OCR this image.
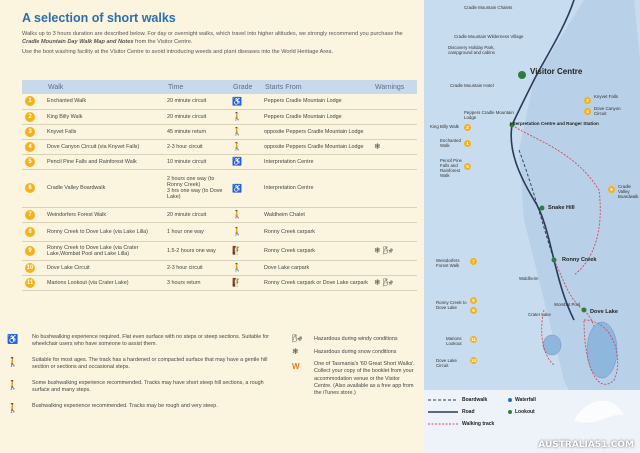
A selection of short walks

Walks up to 3 hours duration are described below. For day or overnight walks, which travel into higher altitudes, we strongly recommend you purchase the Cradle Mountain Day Walk Map and Notes from the Visitor Centre.

Use the boot washing facility at the Visitor Centre to avoid introducing weeds and plant diseases into the World Heritage Area.

	Walk	Time	Grade	Starts From	Warnings
1	Enchanted Walk	20 minute circuit	♿	Peppers Cradle Mountain Lodge	
2	King Billy Walk	20 minute circuit	🚶	Peppers Cradle Mountain Lodge	
3	Knyvet Falls	45 minute return	🚶	opposite Peppers Cradle Mountain Lodge	
4	Dove Canyon Circuit (via Knyvet Falls)	2-3 hour circuit	🚶	opposite Peppers Cradle Mountain Lodge	❄
5	Pencil Pine Falls and Rainforest Walk	10 minute circuit	♿	Interpretation Centre	
6	Cradle Valley Boardwalk	2 hours one way (to Ronny Creek)
3 hrs one way (to Dove Lake)	♿	Interpretation Centre	
7	Weindorfers Forest Walk	20 minute circuit	🚶	Waldheim Chalet	
8	Ronny Creek to Dove Lake (via Lake Lilla)	1 hour one way	🚶	Ronny Creek carpark	
9	Ronny Creek to Dove Lake (via Crater Lake,Wombat Pool and Lake Lilla)	1.5-2 hours one way	🧗	Ronny Creek carpark	❄ 🌬
10	Dove Lake Circuit	2-3 hour circuit	🚶	Dove Lake carpark	
11	Marions Lookout (via Crater Lake)	3 hours return	🧗	Ronny Creek carpark or Dove Lake carpark	❄ 🌬
♿	No bushwalking experience required. Flat even surface with no steps or steep sections. Suitable for wheelchair users who have someone to assist them.
🚶	Suitable for most ages. The track has a hardened or compacted surface that may have a gentle hill section or sections and occasional steps.
🚶	Some bushwalking experience recommended. Tracks may have short steep hill sections, a rough surface and many steps.
🚶	Bushwalking experience recommended. Tracks may be rough and very steep.
🌬 Hazardous during windy conditions
❄	Hazardous during snow conditions
W	One of Tasmania's '60 Great Short Walks'. Collect your copy of the booklet from your accommodation venue or the Visitor Centre. (Also available as a free app from the iTunes store.)
Cradle Mountain Chalets
Discovery Holiday Park, campground and cabins
Cradle Mountain Wilderness Village
Cradle Mountain Hotel
Visitor Centre
Peppers Cradle Mountain Lodge
Interpretation Centre and Ranger Station
Snake Hill
Ronny Creek
Waldheim
Dove Lake
King Billy Walk	2
Enchanted Walk	1
Pencil Pine Falls and Rainforest Walk
5
3
Knyvet Falls
4
Dove Canyon Circuit
6
Cradle Valley Boardwalk
Weindorfers Forest Walk
7
Ronny Creek to Dove Lake
8
9
Marions Lookout
11
Dove Lake Circuit
10
Crater Lake
Wombat Pool
Boardwalk
Road
Walking track
Waterfall
Lookout
AUSTRALIA51.COM
